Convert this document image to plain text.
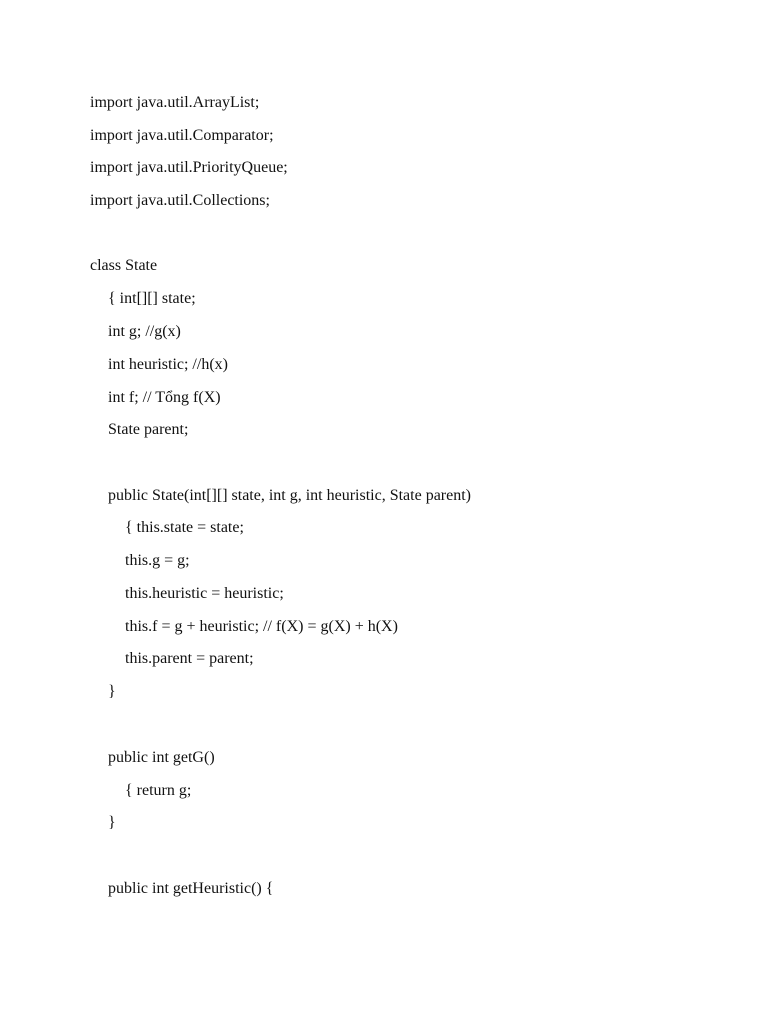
import java.util.ArrayList;
import java.util.Comparator;
import java.util.PriorityQueue;
import java.util.Collections;
class State
{ int[][] state;
int g; //g(x)
int heuristic; //h(x)
int f; // Tổng f(X)
State parent;
public State(int[][] state, int g, int heuristic, State parent)
{ this.state = state;
this.g = g;
this.heuristic = heuristic;
this.f = g + heuristic; // f(X) = g(X) + h(X)
this.parent = parent;
}
public int getG()
{ return g;
}
public int getHeuristic() {
